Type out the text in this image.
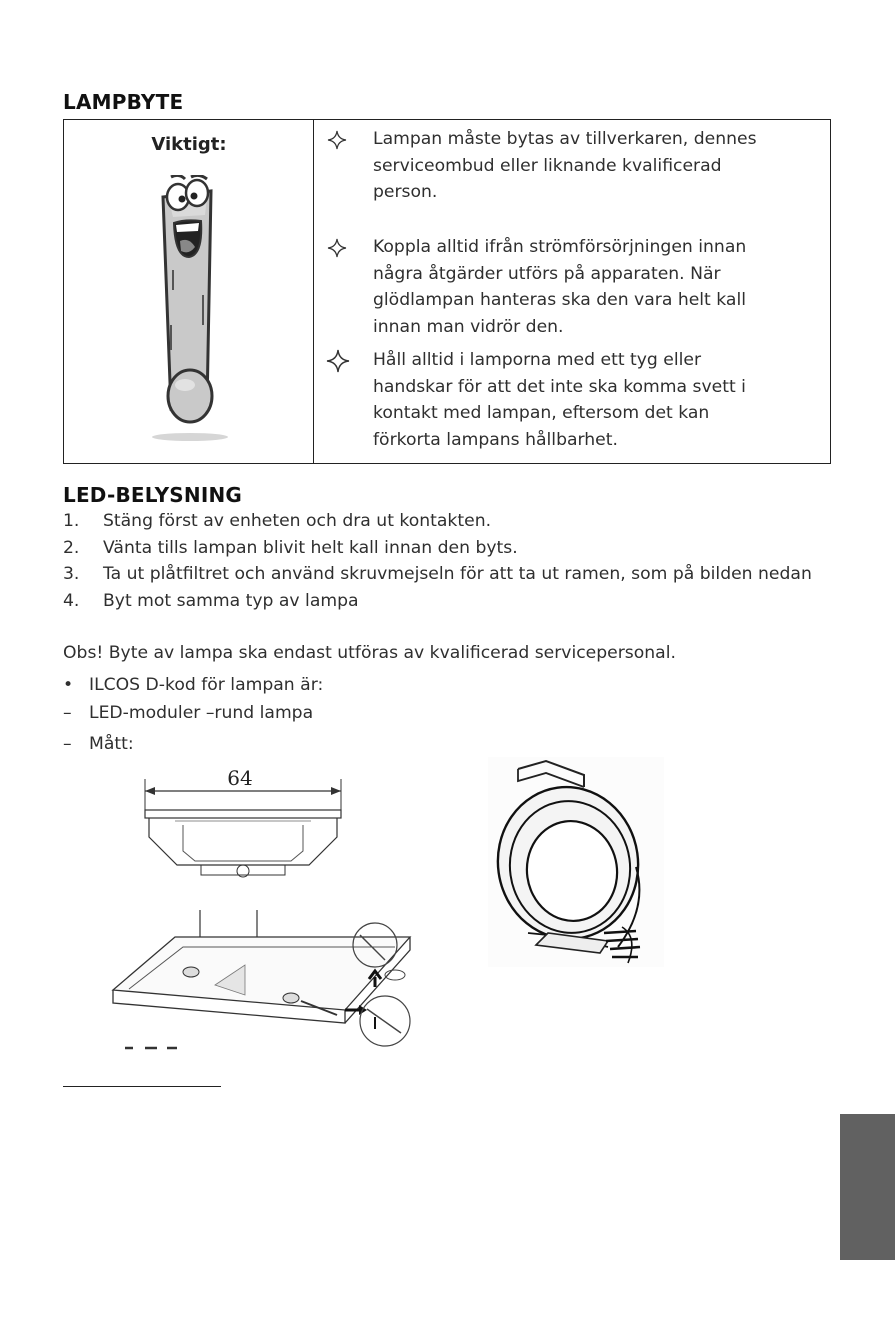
LAMPBYTE
Viktigt:	Lampan måste bytas av tillverkaren, dennes
serviceombud eller liknande kvalificerad
person.
Koppla alltid ifrån strömförsörjningen innan
några åtgärder utförs på apparaten. När
glödlampan hanteras ska den vara helt kall
innan man vidrör den.
Håll alltid i lamporna med ett tyg eller
handskar för att det inte ska komma svett i
kontakt med lampan, eftersom det kan
förkorta lampans hållbarhet.
LED-BELYSNING
1. Stäng först av enheten och dra ut kontakten.
2. Vänta tills lampan blivit helt kall innan den byts.
3. Ta ut plåtfiltret och använd skruvmejseln för att ta ut ramen, som på bilden nedan
4. Byt mot samma typ av lampa
Obs! Byte av lampa ska endast utföras av kvalificerad servicepersonal.
• ILCOS D-kod för lampan är:
– LED-moduler –rund lampa
– Mått:
64
